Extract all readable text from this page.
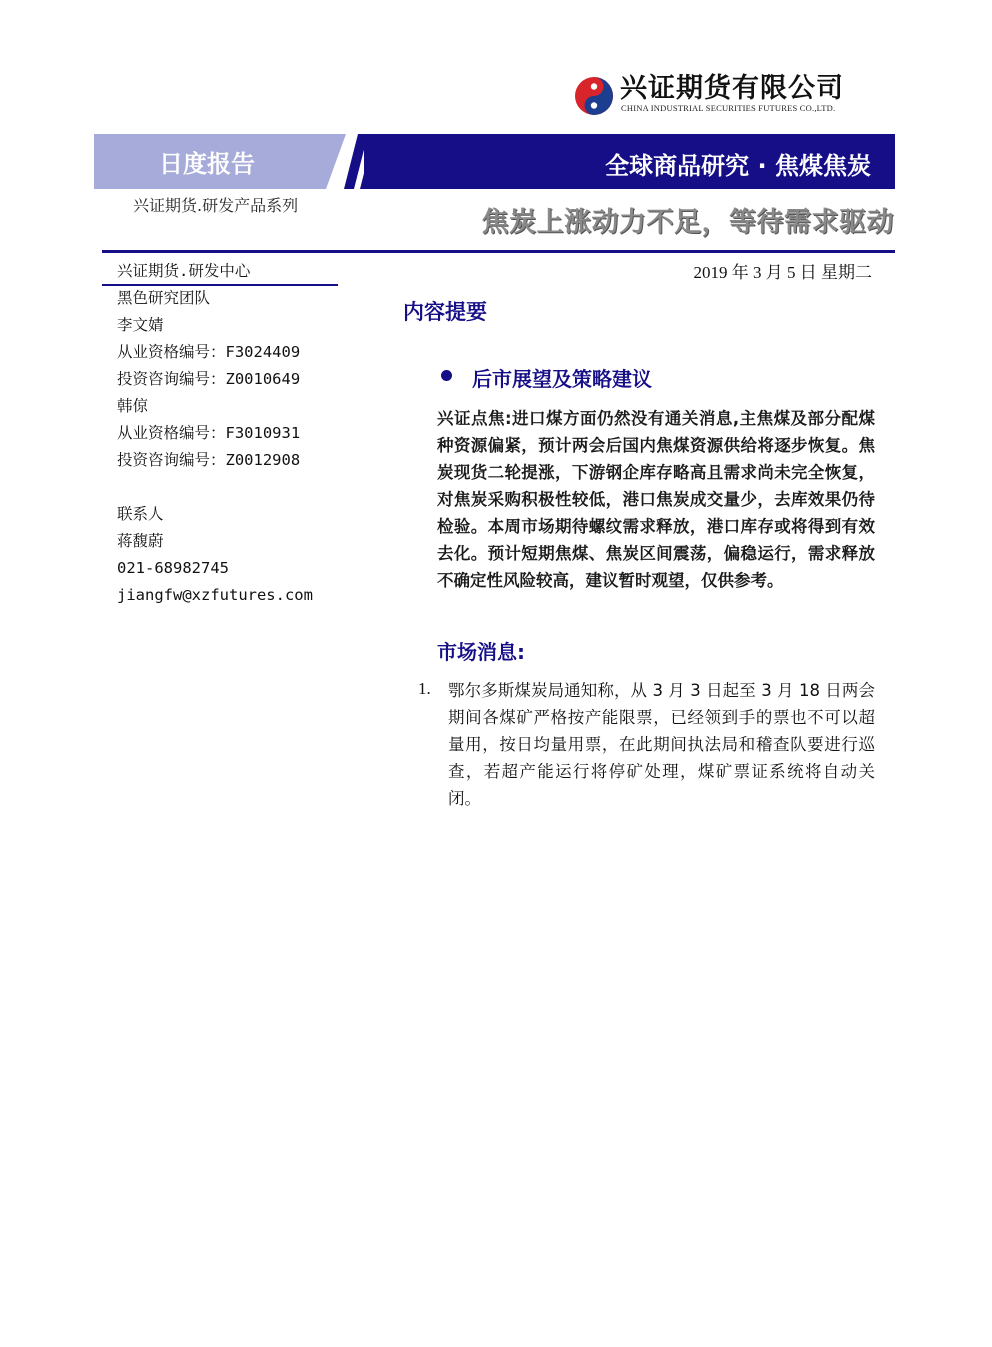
兴证期货有限公司
CHINA INDUSTRIAL SECURITIES FUTURES CO.,LTD.
日度报告	全球商品研究 · 焦煤焦炭
兴证期货.研发产品系列
焦炭上涨动力不足，等待需求驱动
兴证期货.研发中心
黑色研究团队
李文婧
从业资格编号：F3024409
投资咨询编号：Z0010649
韩倞
从业资格编号：F3010931
投资咨询编号：Z0012908
联系人
蒋馥蔚
021-68982745
jiangfw@xzfutures.com
2019 年 3 月 5 日 星期二
内容提要
后市展望及策略建议
兴证点焦:进口煤方面仍然没有通关消息,主焦煤及部分配煤种资源偏紧，预计两会后国内焦煤资源供给将逐步恢复。焦炭现货二轮提涨，下游钢企库存略高且需求尚未完全恢复，对焦炭采购积极性较低，港口焦炭成交量少，去库效果仍待检验。本周市场期待螺纹需求释放，港口库存或将得到有效去化。预计短期焦煤、焦炭区间震荡，偏稳运行，需求释放不确定性风险较高，建议暂时观望，仅供参考。
市场消息:
1. 鄂尔多斯煤炭局通知称，从 3 月 3 日起至 3 月 18 日两会期间各煤矿严格按产能限票，已经领到手的票也不可以超量用，按日均量用票，在此期间执法局和稽查队要进行巡查，若超产能运行将停矿处理，煤矿票证系统将自动关闭。
